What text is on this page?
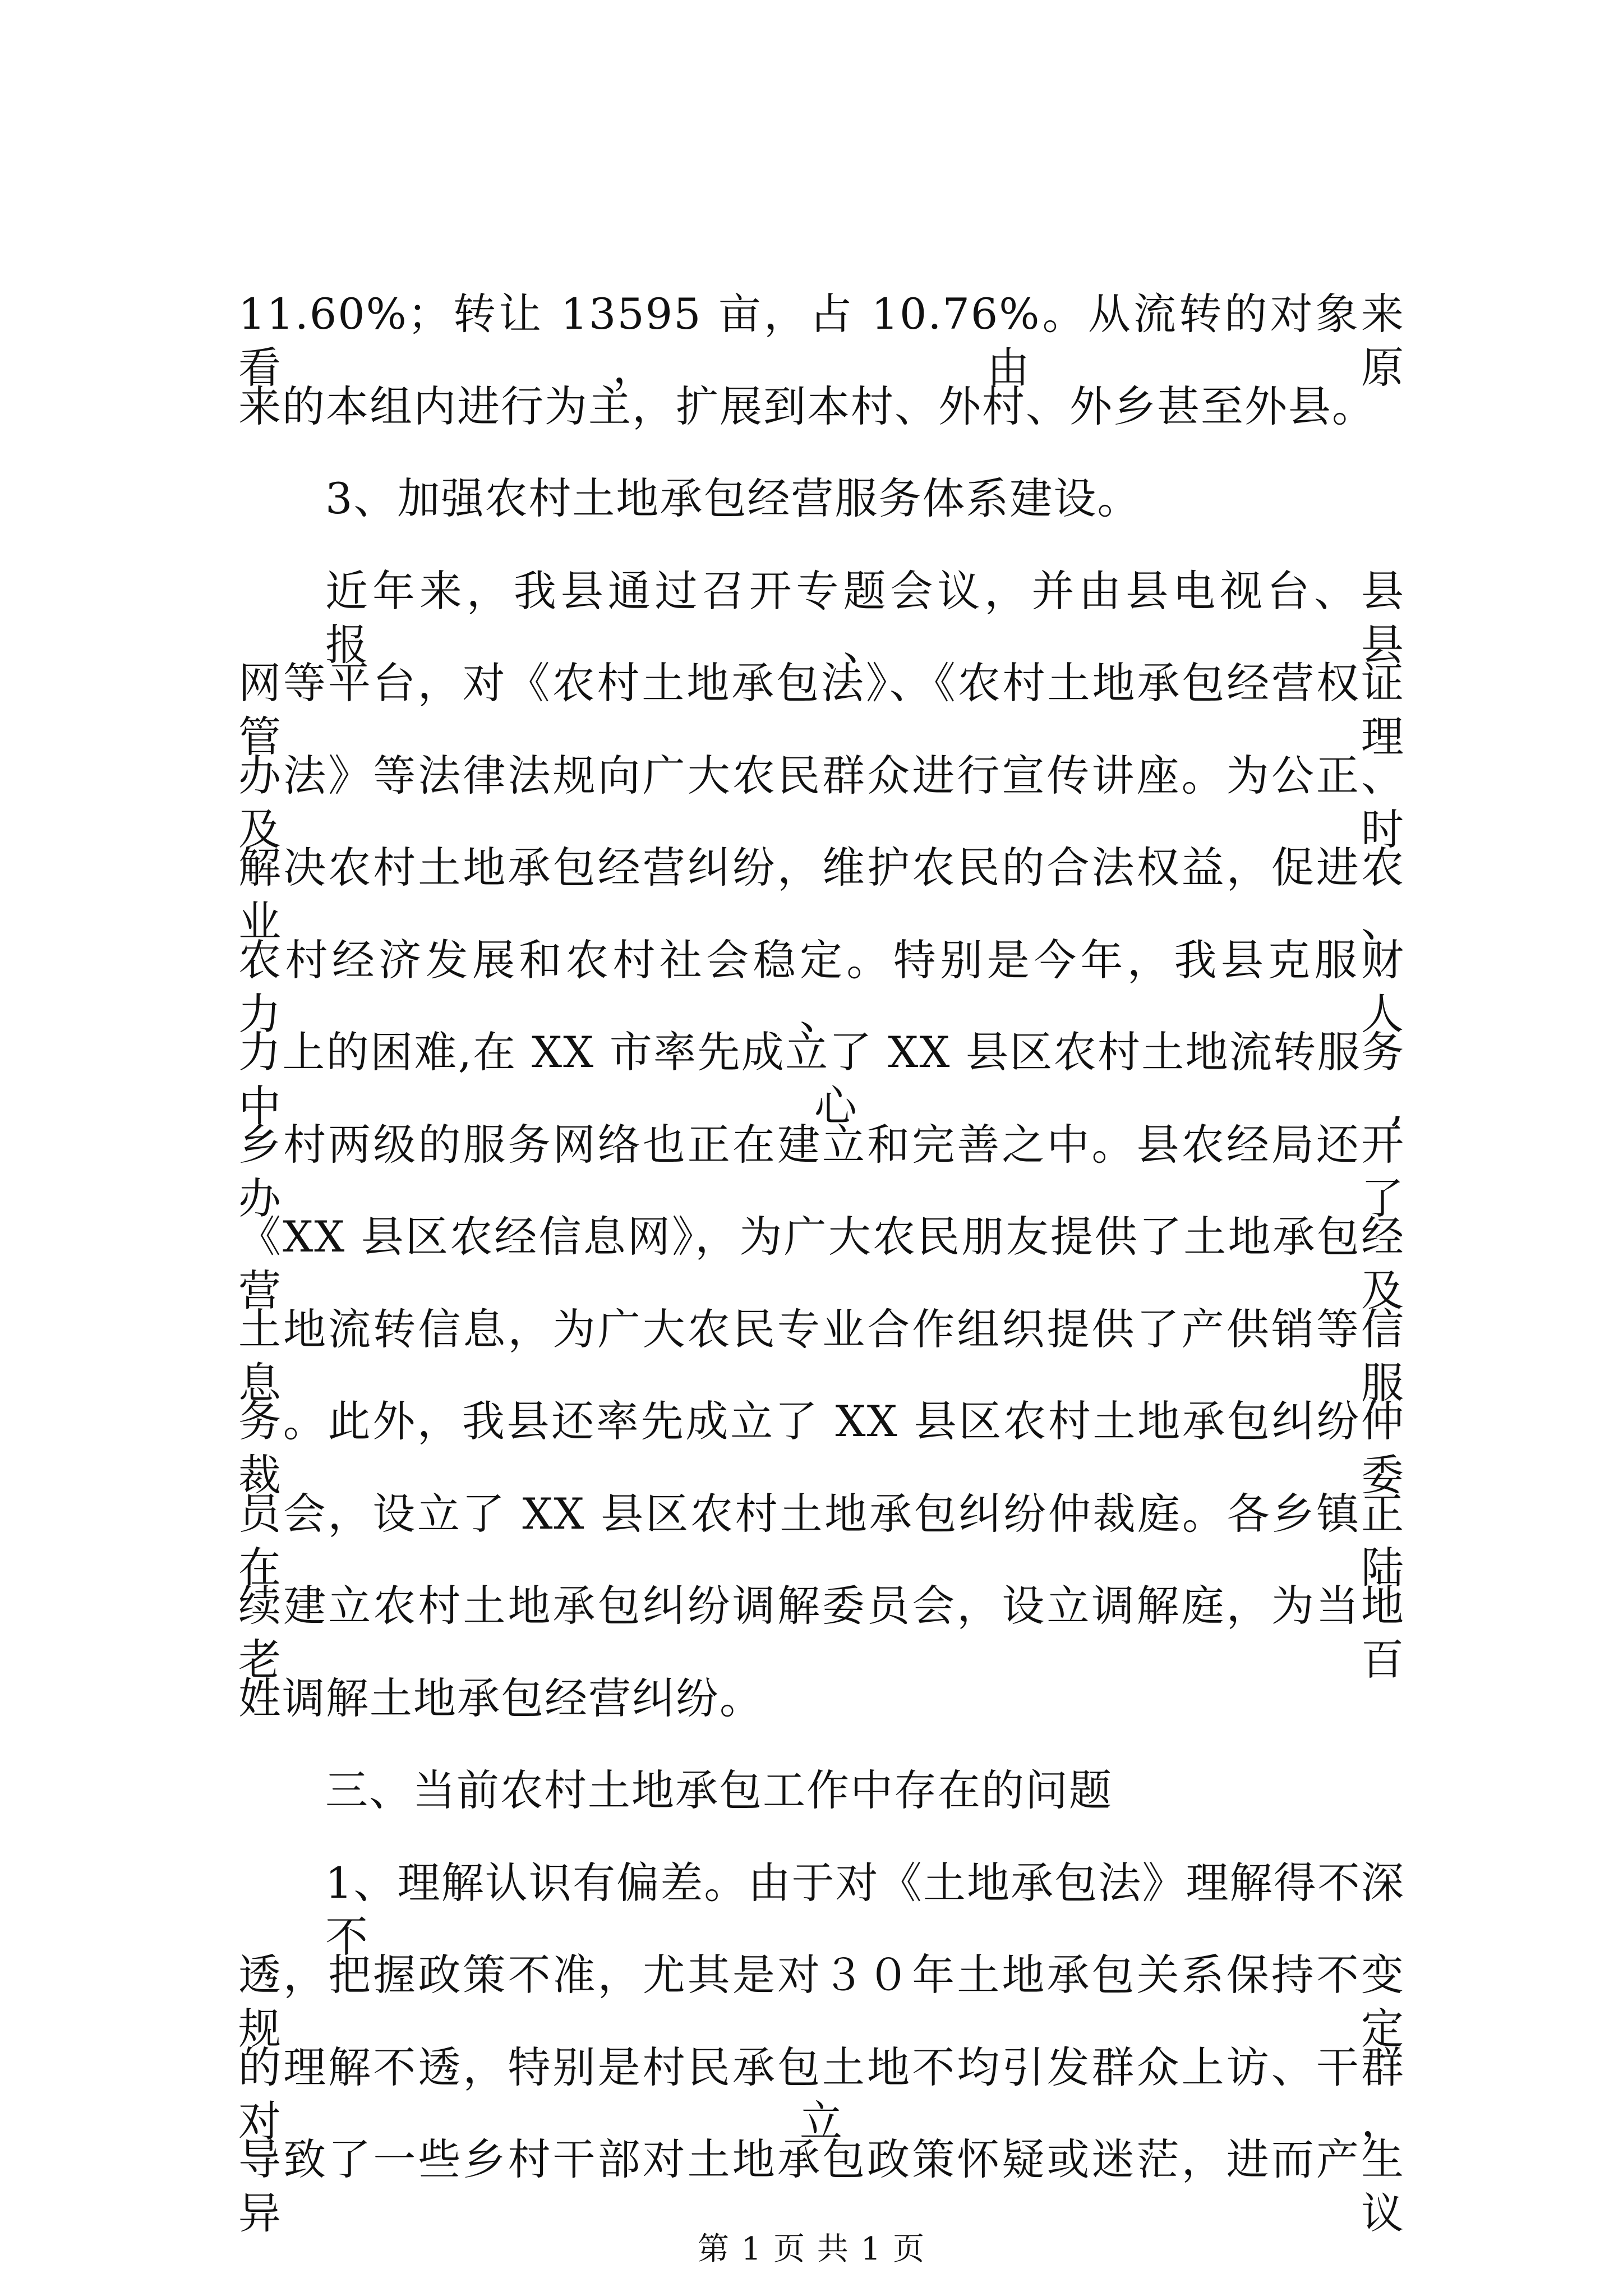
11.60%；转让 13595 亩，占 10.76%。从流转的对象来看，由原
来的本组内进行为主，扩展到本村、外村、外乡甚至外县。
3、加强农村土地承包经营服务体系建设。
近年来，我县通过召开专题会议，并由县电视台、县报、县
网等平台，对《农村土地承包法》、《农村土地承包经营权证管理
办法》等法律法规向广大农民群众进行宣传讲座。为公正、及时
解决农村土地承包经营纠纷，维护农民的合法权益，促进农业、
农村经济发展和农村社会稳定。特别是今年，我县克服财力、人
力上的困难,在 XX 市率先成立了 XX 县区农村土地流转服务中心,
乡村两级的服务网络也正在建立和完善之中。县农经局还开办了
《XX 县区农经信息网》，为广大农民朋友提供了土地承包经营及
土地流转信息，为广大农民专业合作组织提供了产供销等信息服
务。此外，我县还率先成立了 XX 县区农村土地承包纠纷仲裁委
员会，设立了 XX 县区农村土地承包纠纷仲裁庭。各乡镇正在陆
续建立农村土地承包纠纷调解委员会，设立调解庭，为当地老百
姓调解土地承包经营纠纷。
三、当前农村土地承包工作中存在的问题
1、理解认识有偏差。由于对《土地承包法》理解得不深不
透，把握政策不准，尤其是对３０年土地承包关系保持不变规定
的理解不透，特别是村民承包土地不均引发群众上访、干群对立，
导致了一些乡村干部对土地承包政策怀疑或迷茫，进而产生异议
第 1 页 共 1 页
